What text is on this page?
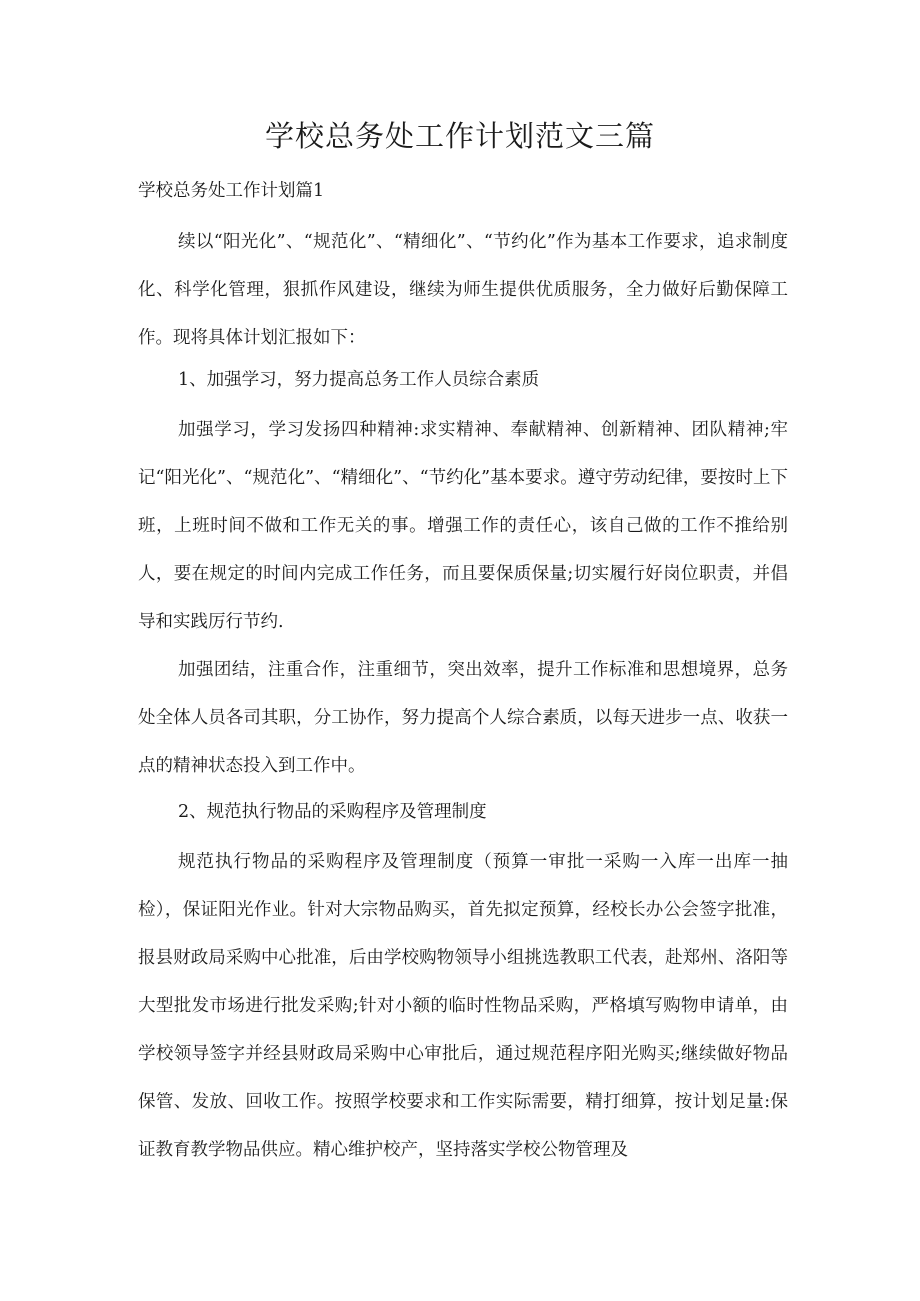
学校总务处工作计划范文三篇

学校总务处工作计划篇1

续以“阳光化”、“规范化”、“精细化”、“节约化”作为基本工作要求，追求制度化、科学化管理，狠抓作风建设，继续为师生提供优质服务，全力做好后勤保障工作。现将具体计划汇报如下：

1、加强学习，努力提高总务工作人员综合素质

加强学习，学习发扬四种精神:求实精神、奉献精神、创新精神、团队精神;牢记“阳光化”、“规范化”、“精细化”、“节约化”基本要求。遵守劳动纪律，要按时上下班，上班时间不做和工作无关的事。增强工作的责任心，该自己做的工作不推给别人，要在规定的时间内完成工作任务，而且要保质保量;切实履行好岗位职责，并倡导和实践厉行节约.

加强团结，注重合作，注重细节，突出效率，提升工作标准和思想境界，总务处全体人员各司其职，分工协作，努力提高个人综合素质，以每天进步一点、收获一点的精神状态投入到工作中。

2、规范执行物品的采购程序及管理制度

规范执行物品的采购程序及管理制度（预算一审批一采购一入库一出库一抽检），保证阳光作业。针对大宗物品购买，首先拟定预算，经校长办公会签字批准，报县财政局采购中心批准，后由学校购物领导小组挑选教职工代表，赴郑州、洛阳等大型批发市场进行批发采购;针对小额的临时性物品采购，严格填写购物申请单，由学校领导签字并经县财政局采购中心审批后，通过规范程序阳光购买;继续做好物品保管、发放、回收工作。按照学校要求和工作实际需要，精打细算，按计划足量:保证教育教学物品供应。精心维护校产，坚持落实学校公物管理及
